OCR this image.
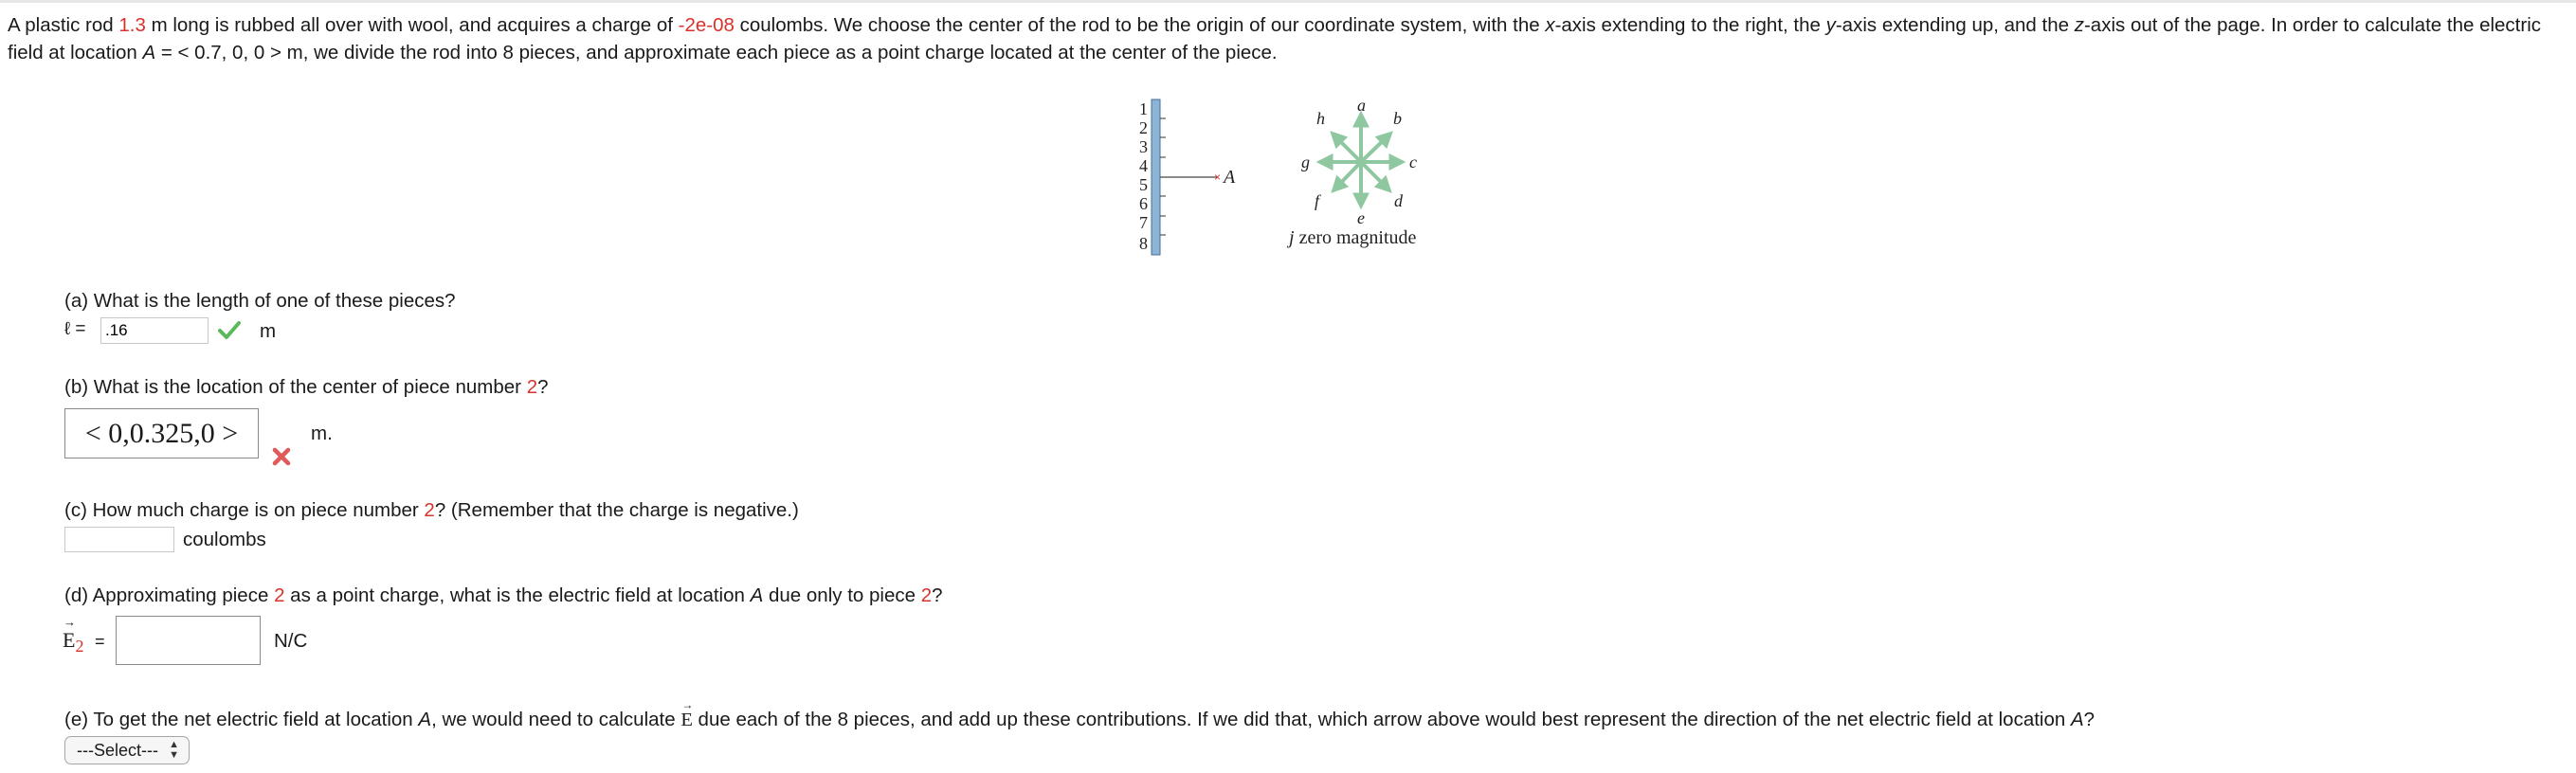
A plastic rod 1.3 m long is rubbed all over with wool, and acquires a charge of -2e-08 coulombs. We choose the center of the rod to be the origin of our coordinate system, with the x-axis extending to the right, the y-axis extending up, and the z-axis out of the page. In order to calculate the electric field at location A = < 0.7, 0, 0 > m, we divide the rod into 8 pieces, and approximate each piece as a point charge located at the center of the piece.
1
2
3
4
5
6
7
8
× A
a
b
c
d
e
f
g
h
j zero magnitude
(a) What is the length of one of these pieces?
ℓ =
.16	m
(b) What is the location of the center of piece number 2?
< 0,0.325,0 >	m.
(c) How much charge is on piece number 2? (Remember that the charge is negative.)
coulombs
(d) Approximating piece 2 as a point charge, what is the electric field at location A due only to piece 2?
→
$E_2$ =	N/C
(e) To get the net electric field at location A, we would need to calculate
→
E due each of the 8 pieces, and add up these contributions. If we did that, which arrow above would best represent the direction of the net electric field at location A?
---Select--- ▲
▼
